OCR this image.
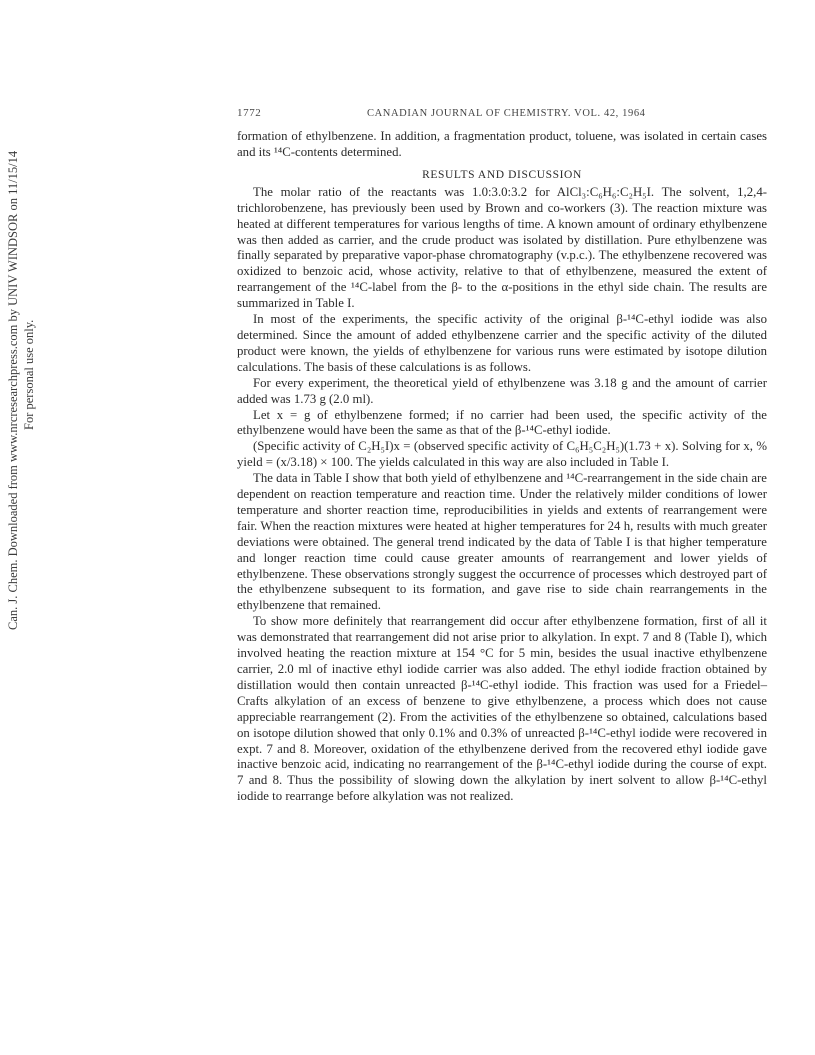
Can. J. Chem. Downloaded from www.nrcresearchpress.com by UNIV WINDSOR on 11/15/14 For personal use only.
1772	CANADIAN JOURNAL OF CHEMISTRY. VOL. 42, 1964

formation of ethylbenzene. In addition, a fragmentation product, toluene, was isolated in certain cases and its ¹⁴C-contents determined.

RESULTS AND DISCUSSION

The molar ratio of the reactants was 1.0:3.0:3.2 for AlCl₃:C₆H₆:C₂H₅I. The solvent, 1,2,4-trichlorobenzene, has previously been used by Brown and co-workers (3). The reaction mixture was heated at different temperatures for various lengths of time. A known amount of ordinary ethylbenzene was then added as carrier, and the crude product was isolated by distillation. Pure ethylbenzene was finally separated by preparative vapor-phase chromatography (v.p.c.). The ethylbenzene recovered was oxidized to benzoic acid, whose activity, relative to that of ethylbenzene, measured the extent of rearrangement of the ¹⁴C-label from the β- to the α-positions in the ethyl side chain. The results are summarized in Table I.

In most of the experiments, the specific activity of the original β-¹⁴C-ethyl iodide was also determined. Since the amount of added ethylbenzene carrier and the specific activity of the diluted product were known, the yields of ethylbenzene for various runs were estimated by isotope dilution calculations. The basis of these calculations is as follows.

For every experiment, the theoretical yield of ethylbenzene was 3.18 g and the amount of carrier added was 1.73 g (2.0 ml).

Let x = g of ethylbenzene formed; if no carrier had been used, the specific activity of the ethylbenzene would have been the same as that of the β-¹⁴C-ethyl iodide.

(Specific activity of C₂H₅I)x = (observed specific activity of C₆H₅C₂H₅)(1.73 + x). Solving for x, % yield = (x/3.18) × 100. The yields calculated in this way are also included in Table I.

The data in Table I show that both yield of ethylbenzene and ¹⁴C-rearrangement in the side chain are dependent on reaction temperature and reaction time. Under the relatively milder conditions of lower temperature and shorter reaction time, reproducibilities in yields and extents of rearrangement were fair. When the reaction mixtures were heated at higher temperatures for 24 h, results with much greater deviations were obtained. The general trend indicated by the data of Table I is that higher temperature and longer reaction time could cause greater amounts of rearrangement and lower yields of ethylbenzene. These observations strongly suggest the occurrence of processes which destroyed part of the ethylbenzene subsequent to its formation, and gave rise to side chain rearrangements in the ethylbenzene that remained.

To show more definitely that rearrangement did occur after ethylbenzene formation, first of all it was demonstrated that rearrangement did not arise prior to alkylation. In expt. 7 and 8 (Table I), which involved heating the reaction mixture at 154 °C for 5 min, besides the usual inactive ethylbenzene carrier, 2.0 ml of inactive ethyl iodide carrier was also added. The ethyl iodide fraction obtained by distillation would then contain unreacted β-¹⁴C-ethyl iodide. This fraction was used for a Friedel–Crafts alkylation of an excess of benzene to give ethylbenzene, a process which does not cause appreciable rearrangement (2). From the activities of the ethylbenzene so obtained, calculations based on isotope dilution showed that only 0.1% and 0.3% of unreacted β-¹⁴C-ethyl iodide were recovered in expt. 7 and 8. Moreover, oxidation of the ethylbenzene derived from the recovered ethyl iodide gave inactive benzoic acid, indicating no rearrangement of the β-¹⁴C-ethyl iodide during the course of expt. 7 and 8. Thus the possibility of slowing down the alkylation by inert solvent to allow β-¹⁴C-ethyl iodide to rearrange before alkylation was not realized.
